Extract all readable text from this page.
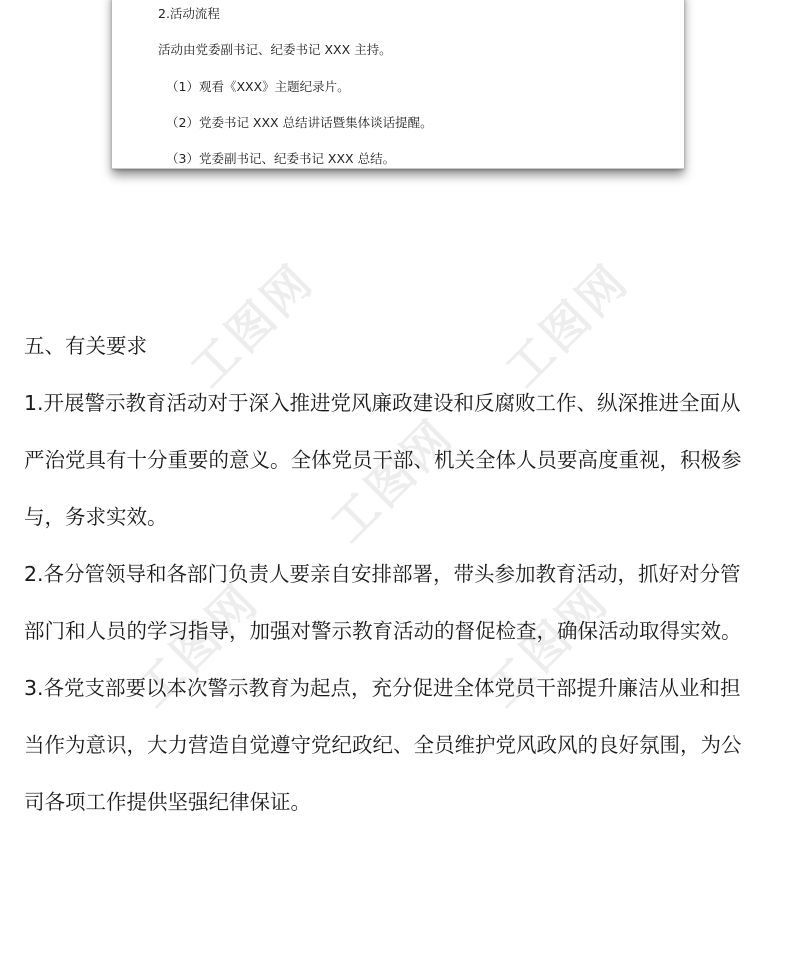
2.活动流程
活动由党委副书记、纪委书记 XXX 主持。
（1）观看《XXX》主题纪录片。
（2）党委书记 XXX 总结讲话暨集体谈话提醒。
（3）党委副书记、纪委书记 XXX 总结。
工图网	工图网
工图网
工图网	工图网
五、有关要求
1.开展警示教育活动对于深入推进党风廉政建设和反腐败工作、纵深推进全面从
严治党具有十分重要的意义。全体党员干部、机关全体人员要高度重视，积极参
与，务求实效。
2.各分管领导和各部门负责人要亲自安排部署，带头参加教育活动，抓好对分管
部门和人员的学习指导，加强对警示教育活动的督促检查，确保活动取得实效。
3.各党支部要以本次警示教育为起点，充分促进全体党员干部提升廉洁从业和担
当作为意识，大力营造自觉遵守党纪政纪、全员维护党风政风的良好氛围，为公
司各项工作提供坚强纪律保证。
